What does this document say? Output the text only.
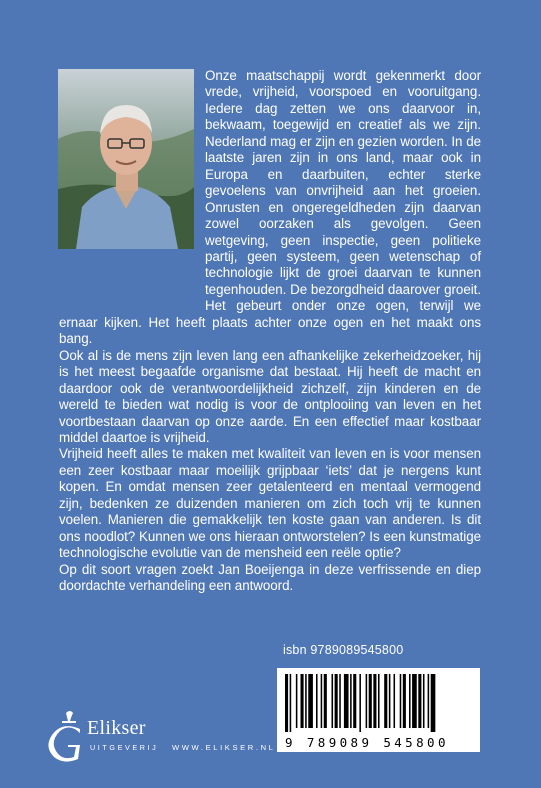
Onze maatschappij wordt gekenmerkt door vrede, vrijheid, voorspoed en vooruitgang. Iedere dag zetten we ons daarvoor in, bekwaam, toegewijd en creatief als we zijn. Nederland mag er zijn en gezien worden. In de laatste jaren zijn in ons land, maar ook in Europa en daarbuiten, echter sterke gevoelens van onvrijheid aan het groeien. Onrusten en ongeregeldheden zijn daarvan zowel oorzaken als gevolgen. Geen wetgeving, geen inspectie, geen politieke partij, geen systeem, geen wetenschap of technologie lijkt de groei daarvan te kunnen tegenhouden. De bezorgdheid daarover groeit. Het gebeurt onder onze ogen, terwijl we ernaar kijken. Het heeft plaats achter onze ogen en het maakt ons bang.

Ook al is de mens zijn leven lang een afhankelijke zekerheidzoeker, hij is het meest begaafde organisme dat bestaat. Hij heeft de macht en daardoor ook de verantwoordelijkheid zichzelf, zijn kinderen en de wereld te bieden wat nodig is voor de ontplooiing van leven en het voortbestaan daarvan op onze aarde. En een effectief maar kostbaar middel daartoe is vrijheid.

Vrijheid heeft alles te maken met kwaliteit van leven en is voor mensen een zeer kostbaar maar moeilijk grijpbaar ‘iets’ dat je nergens kunt kopen. En omdat mensen zeer getalenteerd en mentaal vermogend zijn, bedenken ze duizenden manieren om zich toch vrij te kunnen voelen. Manieren die gemakkelijk ten koste gaan van anderen. Is dit ons noodlot? Kunnen we ons hieraan ontworstelen? Is een kunstmatige technologische evolutie van de mensheid een reële optie?

Op dit soort vragen zoekt Jan Boeijenga in deze verfrissende en diep doordachte verhandeling een antwoord.

isbn 9789089545800
9 789089 545800
Elikser
UITGEVERIJ WWW.ELIKSER.NL
